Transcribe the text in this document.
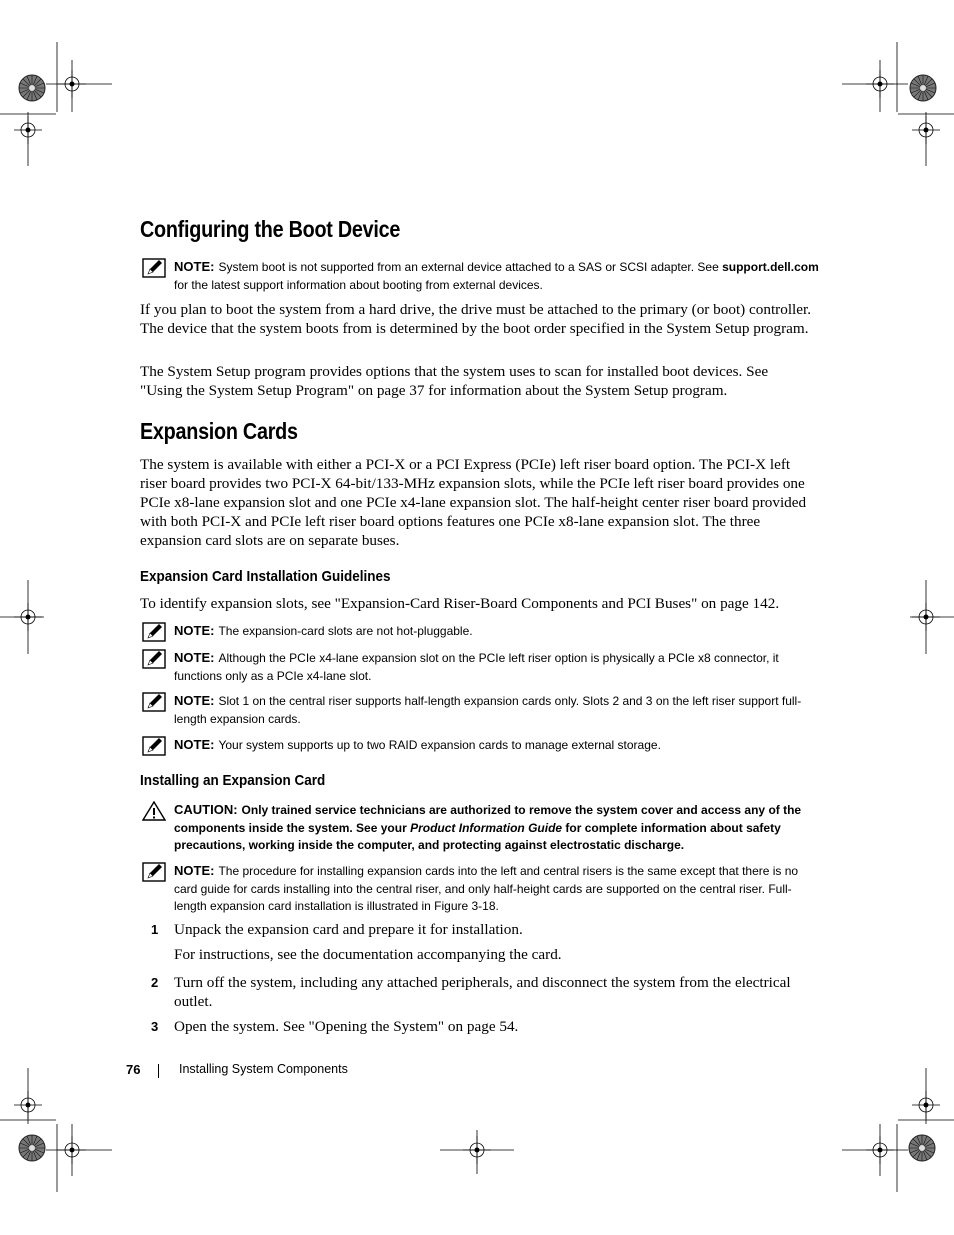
Configuring the Boot Device
NOTE: System boot is not supported from an external device attached to a SAS or SCSI adapter. See support.dell.com for the latest support information about booting from external devices.

If you plan to boot the system from a hard drive, the drive must be attached to the primary (or boot) controller. The device that the system boots from is determined by the boot order specified in the System Setup program.

The System Setup program provides options that the system uses to scan for installed boot devices. See "Using the System Setup Program" on page 37 for information about the System Setup program.

Expansion Cards

The system is available with either a PCI-X or a PCI Express (PCIe) left riser board option. The PCI-X left riser board provides two PCI-X 64-bit/133-MHz expansion slots, while the PCIe left riser board provides one PCIe x8-lane expansion slot and one PCIe x4-lane expansion slot. The half-height center riser board provided with both PCI-X and PCIe left riser board options features one PCIe x8-lane expansion slot. The three expansion card slots are on separate buses.

Expansion Card Installation Guidelines

To identify expansion slots, see "Expansion-Card Riser-Board Components and PCI Buses" on page 142.

NOTE: The expansion-card slots are not hot-pluggable.
NOTE: Although the PCIe x4-lane expansion slot on the PCIe left riser option is physically a PCIe x8 connector, it functions only as a PCIe x4-lane slot.
NOTE: Slot 1 on the central riser supports half-length expansion cards only. Slots 2 and 3 on the left riser support full-length expansion cards.
NOTE: Your system supports up to two RAID expansion cards to manage external storage.
Installing an Expansion Card
CAUTION: Only trained service technicians are authorized to remove the system cover and access any of the components inside the system. See your Product Information Guide for complete information about safety precautions, working inside the computer, and protecting against electrostatic discharge.
NOTE: The procedure for installing expansion cards into the left and central risers is the same except that there is no card guide for cards installing into the central riser, and only half-height cards are supported on the central riser. Full-length expansion card installation is illustrated in Figure 3-18.
1 Unpack the expansion card and prepare it for installation.
For instructions, see the documentation accompanying the card.
2 Turn off the system, including any attached peripherals, and disconnect the system from the electrical outlet.
3 Open the system. See "Opening the System" on page 54.
76	Installing System Components
